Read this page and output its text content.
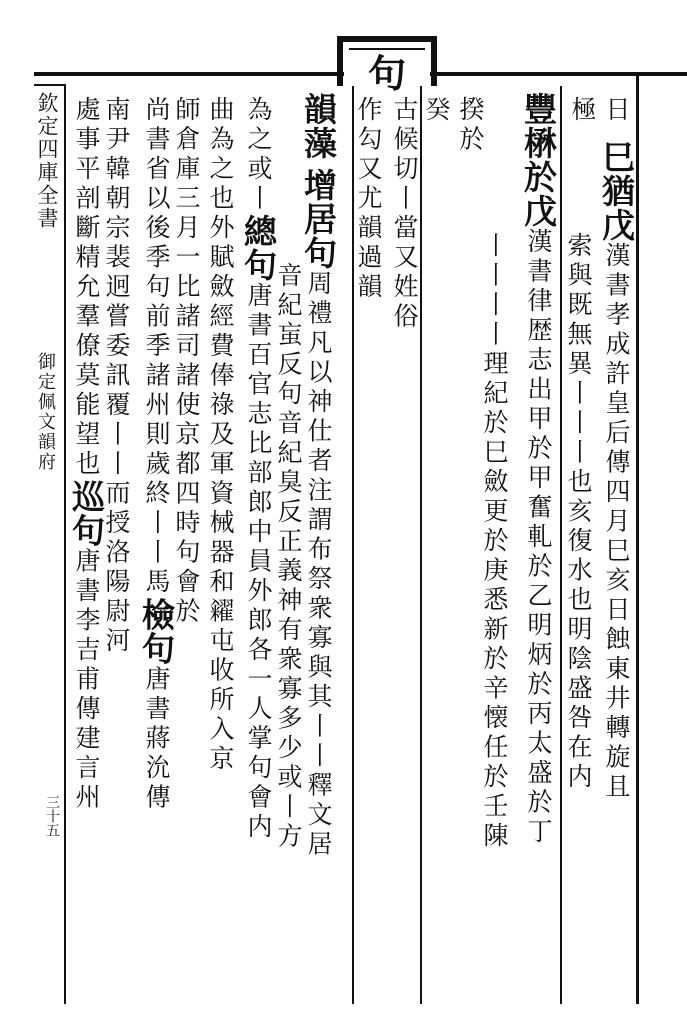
句
欽定四庫全書
御定佩文韻府
三十五
日
極
巳猶戊漢書孝成許皇后傳四月巳亥日蝕東井轉旋且
索與既無異丨丨丨也亥復水也明陰盛咎在内
豐楙於戊漢書律歴志出甲於甲奮軋於乙明炳於丙太盛於丁
丨丨丨丨理紀於巳斂更於庚悉新於辛懐任於壬陳
揆於
癸
古候切丨當又姓俗
作勾又尤韻過韻
韻藻
增居句周禮凡以神仕者注謂布祭衆寡與其丨丨釋文居
音紀䖟反句音紀臭反正義神有衆寡多少或丨方
為之或丨總句唐書百官志比部郎中員外郎各一人掌句會内
曲為之也外賦斂經費俸祿及軍資械器和糴屯收所入京
師倉庫三月一比諸司諸使京都四時句會於
尚書省以後季句前季諸州則歲終丨丨馬檢句唐書蔣沇傳
南尹韓朝宗裴迥嘗委訊覆丨丨而授洛陽尉河
處事平剖斷精允羣僚莫能望也巡句唐書李吉甫傳建言州
